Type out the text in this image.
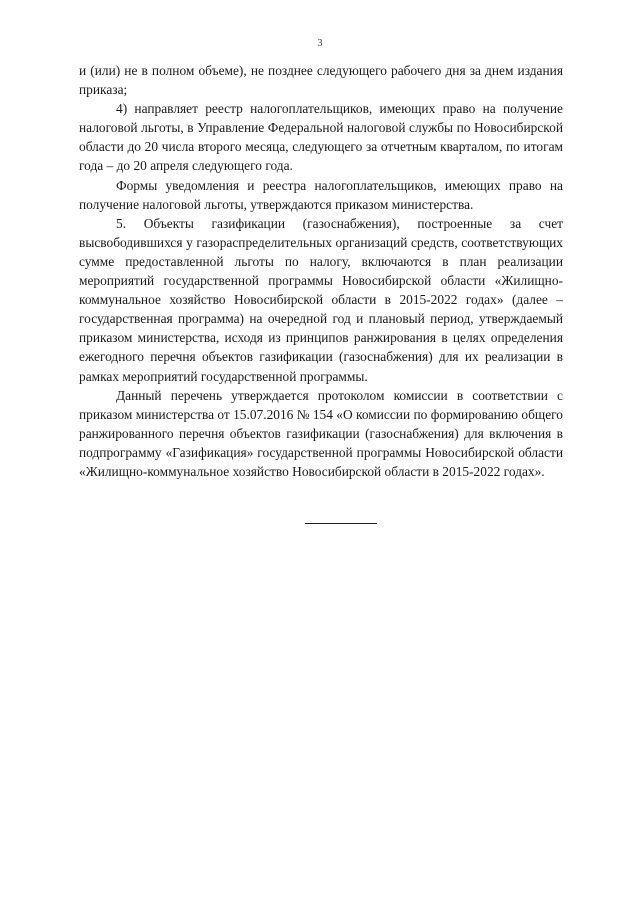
3

и (или) не в полном объеме), не позднее следующего рабочего дня за днем издания приказа;

4) направляет реестр налогоплательщиков, имеющих право на получение налоговой льготы, в Управление Федеральной налоговой службы по Новосибирской области до 20 числа второго месяца, следующего за отчетным кварталом, по итогам года – до 20 апреля следующего года.

Формы уведомления и реестра налогоплательщиков, имеющих право на получение налоговой льготы, утверждаются приказом министерства.

5. Объекты газификации (газоснабжения), построенные за счет высвободившихся у газораспределительных организаций средств, соответствующих сумме предоставленной льготы по налогу, включаются в план реализации мероприятий государственной программы Новосибирской области «Жилищно-коммунальное хозяйство Новосибирской области в 2015-2022 годах» (далее – государственная программа) на очередной год и плановый период, утверждаемый приказом министерства, исходя из принципов ранжирования в целях определения ежегодного перечня объектов газификации (газоснабжения) для их реализации в рамках мероприятий государственной программы.

Данный перечень утверждается протоколом комиссии в соответствии с приказом министерства от 15.07.2016 № 154 «О комиссии по формированию общего ранжированного перечня объектов газификации (газоснабжения) для включения в подпрограмму «Газификация» государственной программы Новосибирской области «Жилищно-коммунальное хозяйство Новосибирской области в 2015-2022 годах».
